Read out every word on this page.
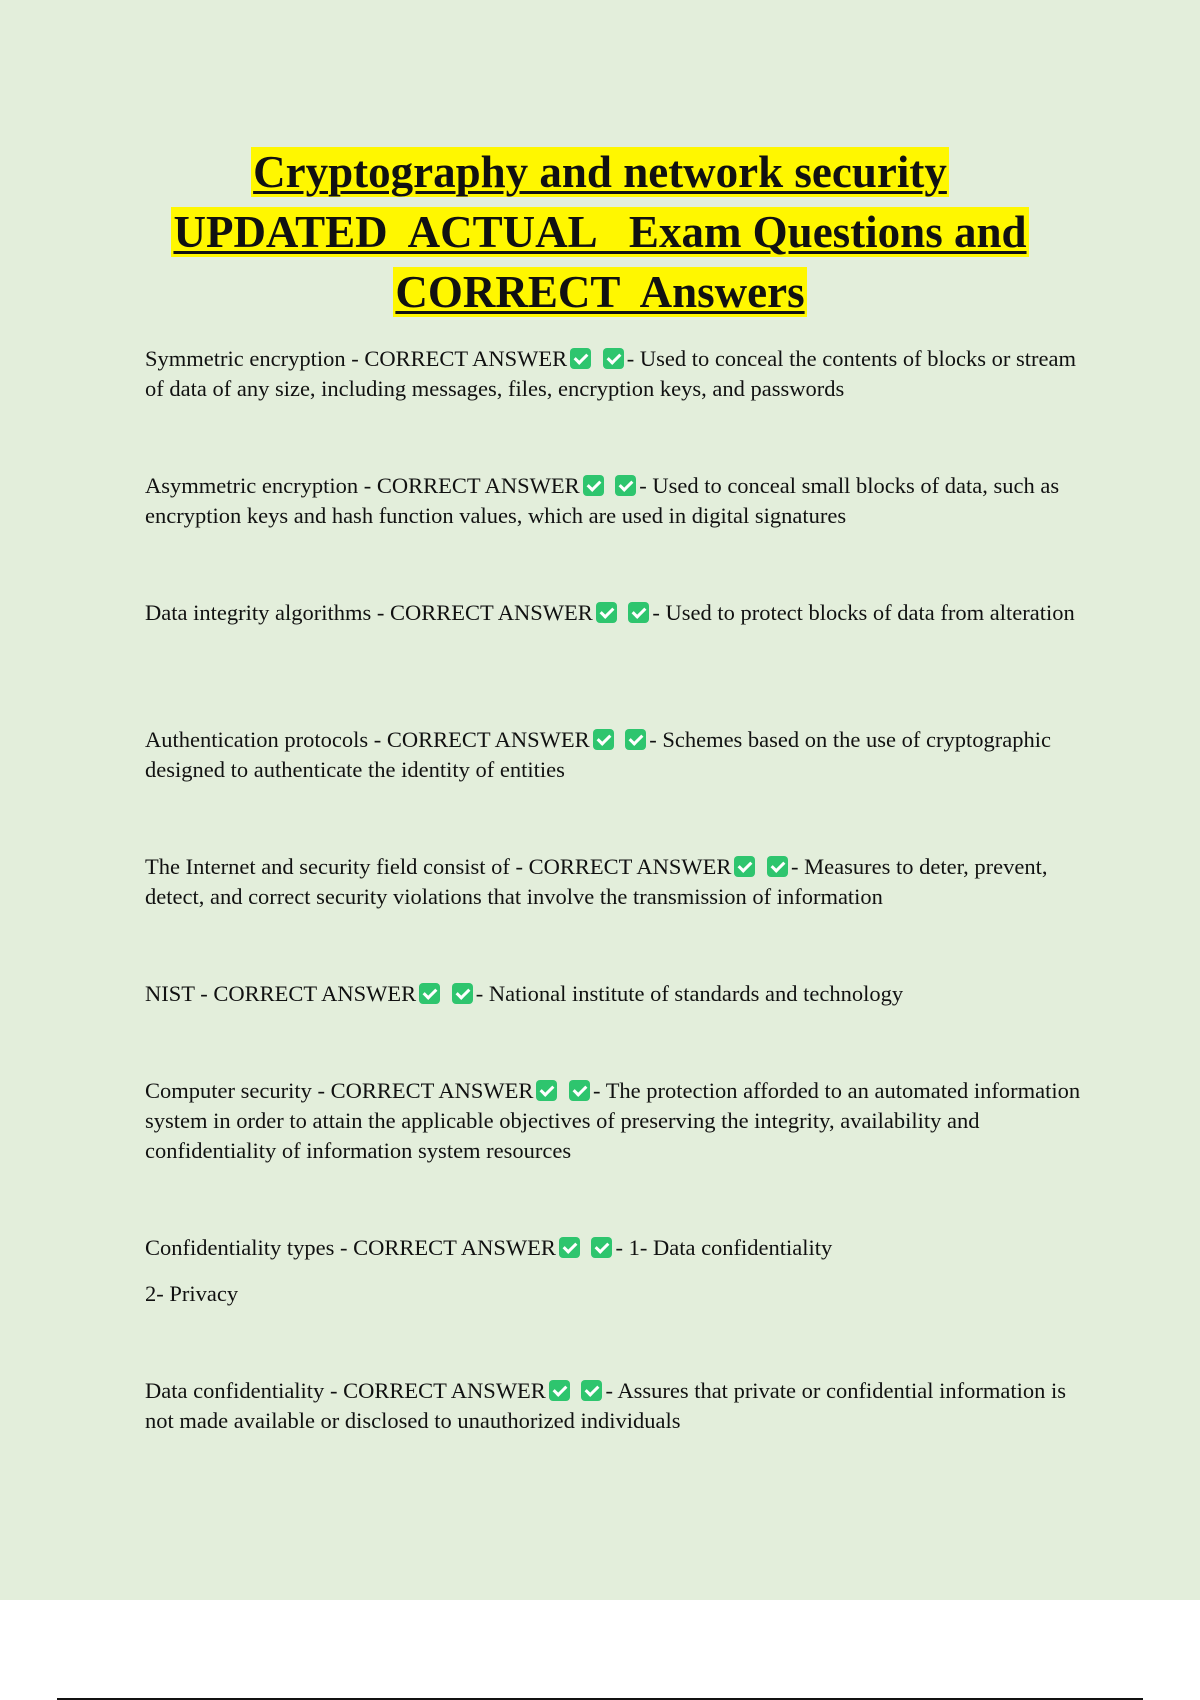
Cryptography and network security
UPDATED  ACTUAL   Exam Questions and
CORRECT  Answers

Symmetric encryption - CORRECT ANSWER	- Used to conceal the contents of blocks or stream of data of any size, including messages, files, encryption keys, and passwords

Asymmetric encryption - CORRECT ANSWER	- Used to conceal small blocks of data, such as encryption keys and hash function values, which are used in digital signatures

Data integrity algorithms - CORRECT ANSWER	- Used to protect blocks of data from alteration

Authentication protocols - CORRECT ANSWER	- Schemes based on the use of cryptographic designed to authenticate the identity of entities

The Internet and security field consist of - CORRECT ANSWER	- Measures to deter, prevent, detect, and correct security violations that involve the transmission of information

NIST - CORRECT ANSWER	- National institute of standards and technology

Computer security - CORRECT ANSWER	- The protection afforded to an automated information system in order to attain the applicable objectives of preserving the integrity, availability and confidentiality of information system resources

Confidentiality types - CORRECT ANSWER	- 1- Data confidentiality

2- Privacy

Data confidentiality - CORRECT ANSWER	- Assures that private or confidential information is not made available or disclosed to unauthorized individuals
